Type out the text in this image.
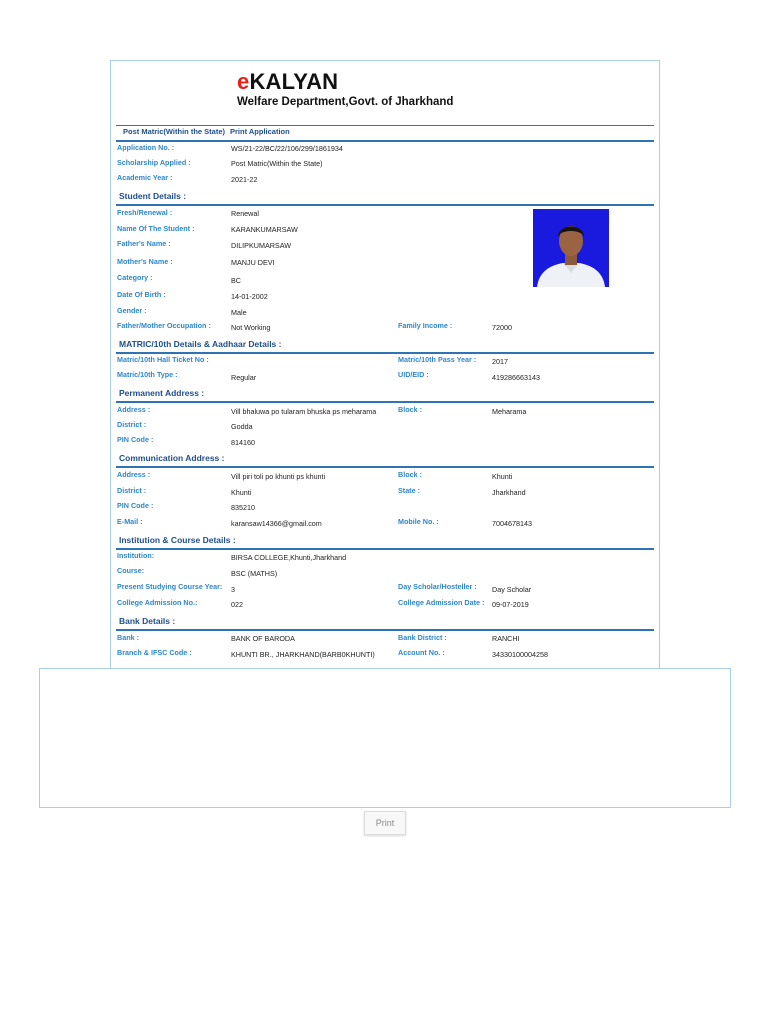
eKALYAN
Welfare Department,Govt. of Jharkhand
Post Matric(Within the State) Print Application
Application No. :	WS/21-22/BC/22/106/299/1861934
Scholarship Applied :	Post Matric(Within the State)
Academic Year :	2021-22
Student Details :
Fresh/Renewal :	Renewal
Name Of The Student :	KARANKUMARSAW
Father's Name :	DILIPKUMARSAW
Mother's Name :	MANJU DEVI
Category :	BC
Date Of Birth :	14-01-2002
Gender :	Male
Father/Mother Occupation :	Not Working	Family Income :	72000
MATRIC/10th Details & Aadhaar Details :
Matric/10th Hall Ticket No :	Matric/10th Pass Year : 2017
Matric/10th Type :	Regular	UID/EID :	419286663143
Permanent Address :
Address :	Vill bhaluwa po tularam bhuska ps meharama	Block :	Meharama
District :	Godda
PIN Code :	814160
Communication Address :
Address :	Vill piri toli po khunti ps khunti	Block :	Khunti
District :	Khunti	State :	Jharkhand
PIN Code :	835210
E-Mail :	karansaw14366@gmail.com	Mobile No. :	7004678143
Institution & Course Details :
Institution:	BIRSA COLLEGE,Khunti,Jharkhand
Course:	BSC (MATHS)
Present Studying Course Year: 3	Day Scholar/Hosteller : Day Scholar
College Admission No.:	022	College Admission Date : 09-07-2019
Bank Details :
Bank :	BANK OF BARODA	Bank District :	RANCHI
Branch & IFSC Code :	KHUNTI BR., JHARKHAND(BARB0KHUNTI)	Account No. :	34330100004258
Print
